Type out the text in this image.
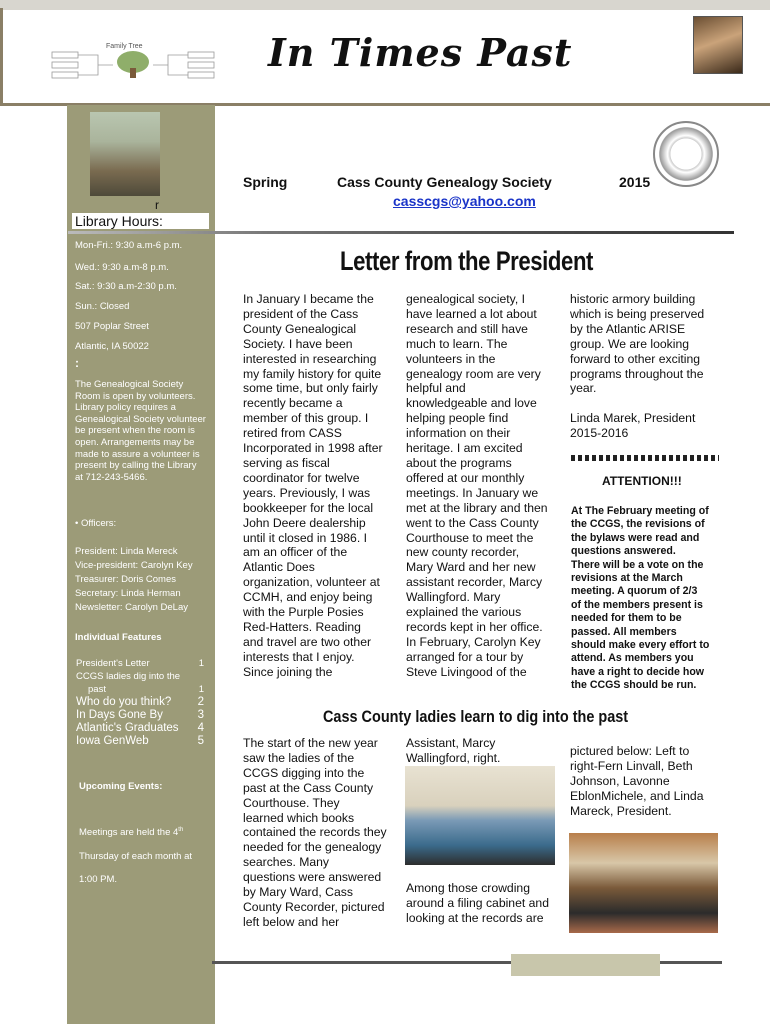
Family Tree	In Times Past
r
Library Hours:
Mon-Fri.: 9:30 a.m-6 p.m.
Wed.: 9:30 a.m-8 p.m.
Sat.: 9:30 a.m-2:30 p.m.
Sun.: Closed
507 Poplar Street
Atlantic, IA 50022
:
The Genealogical Society Room is open by volunteers. Library policy requires a Genealogical Society volunteer be present when the room is open. Arrangements may be made to assure a volunteer is present by calling the Library at 712-243-5466.
• Officers:
President: Linda Mereck
Vice-president: Carolyn Key
Treasurer: Doris Comes
Secretary: Linda Herman
Newsletter: Carolyn DeLay
Individual Features
President's Letter	1
CCGS ladies dig into the
past	1
Who do you think? 2
In Days Gone By	3
Atlantic's Graduates 4
Iowa GenWeb	5
Upcoming Events:
Meetings are held the 4th
Thursday of each month at
1:00 PM.
Spring	Cass County Genealogy Society	2015
casscgs@yahoo.com
Letter from the President
In January I became the
president of the Cass
County Genealogical
Society. I have been
interested in researching
my family history for quite
some time, but only fairly
recently became a
member of this group. I
retired from CASS
Incorporated in 1998 after
serving as fiscal
coordinator for twelve
years. Previously, I was
bookkeeper for the local
John Deere dealership
until it closed in 1986. I
am an officer of the
Atlantic Does
organization, volunteer at
CCMH, and enjoy being
with the Purple Posies
Red-Hatters. Reading
and travel are two other
interests that I enjoy.
Since joining the
genealogical society, I
have learned a lot about
research and still have
much to learn. The
volunteers in the
genealogy room are very
helpful and
knowledgeable and love
helping people find
information on their
heritage. I am excited
about the programs
offered at our monthly
meetings. In January we
met at the library and then
went to the Cass County
Courthouse to meet the
new county recorder,
Mary Ward and her new
assistant recorder, Marcy
Wallingford. Mary
explained the various
records kept in her office.
In February, Carolyn Key
arranged for a tour by
Steve Livingood of the
historic armory building
which is being preserved
by the Atlantic ARISE
group. We are looking
forward to other exciting
programs throughout the
year.
Linda Marek, President
2015-2016
ATTENTION!!!
At The February meeting of
the CCGS, the revisions of
the bylaws were read and
questions answered.
There will be a vote on the
revisions at the March
meeting. A quorum of 2/3
of the members present is
needed for them to be
passed. All members
should make every effort to
attend. As members you
have a right to decide how
the CCGS should be run.
Cass County ladies learn to dig into the past
The start of the new year
saw the ladies of the
CCGS digging into the
past at the Cass County
Courthouse. They
learned which books
contained the records they
needed for the genealogy
searches. Many
questions were answered
by Mary Ward, Cass
County Recorder, pictured
left below and her
Assistant, Marcy
Wallingford, right.
Among those crowding
around a filing cabinet and
looking at the records are
pictured below: Left to
right-Fern Linvall, Beth
Johnson, Lavonne
EblonMichele, and Linda
Mareck, President.
